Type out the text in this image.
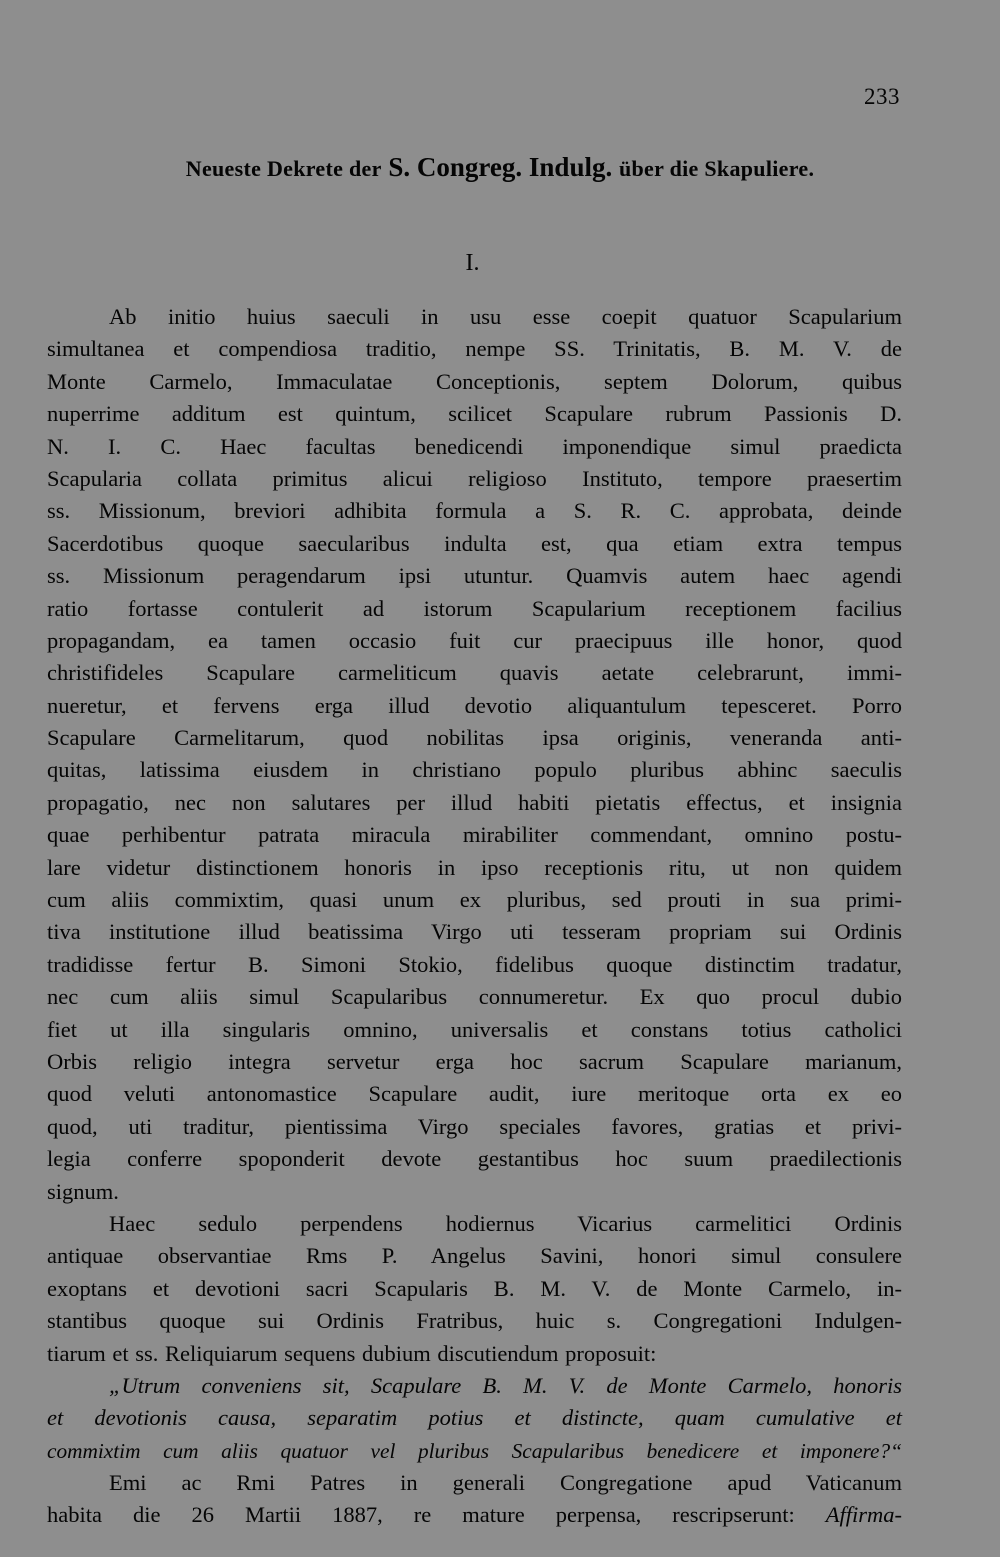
233
Neueste Dekrete der S. Congreg. Indulg. über die Skapuliere.
I.
Ab initio huius saeculi in usu esse coepit quatuor Scapularium
simultanea et compendiosa traditio, nempe SS. Trinitatis, B. M. V. de
Monte Carmelo, Immaculatae Conceptionis, septem Dolorum, quibus
nuperrime additum est quintum, scilicet Scapulare rubrum Passionis D.
N. I. C. Haec facultas benedicendi imponendique simul praedicta
Scapularia collata primitus alicui religioso Instituto, tempore praesertim
ss. Missionum, breviori adhibita formula a S. R. C. approbata, deinde
Sacerdotibus quoque saecularibus indulta est, qua etiam extra tempus
ss. Missionum peragendarum ipsi utuntur. Quamvis autem haec agendi
ratio fortasse contulerit ad istorum Scapularium receptionem facilius
propagandam, ea tamen occasio fuit cur praecipuus ille honor, quod
christifideles Scapulare carmeliticum quavis aetate celebrarunt, immi-
nueretur, et fervens erga illud devotio aliquantulum tepesceret. Porro
Scapulare Carmelitarum, quod nobilitas ipsa originis, veneranda anti-
quitas, latissima eiusdem in christiano populo pluribus abhinc saeculis
propagatio, nec non salutares per illud habiti pietatis effectus, et insignia
quae perhibentur patrata miracula mirabiliter commendant, omnino postu-
lare videtur distinctionem honoris in ipso receptionis ritu, ut non quidem
cum aliis commixtim, quasi unum ex pluribus, sed prouti in sua primi-
tiva institutione illud beatissima Virgo uti tesseram propriam sui Ordinis
tradidisse fertur B. Simoni Stokio, fidelibus quoque distinctim tradatur,
nec cum aliis simul Scapularibus connumeretur. Ex quo procul dubio
fiet ut illa singularis omnino, universalis et constans totius catholici
Orbis religio integra servetur erga hoc sacrum Scapulare marianum,
quod veluti antonomastice Scapulare audit, iure meritoque orta ex eo
quod, uti traditur, pientissima Virgo speciales favores, gratias et privi-
legia conferre spoponderit devote gestantibus hoc suum praedilectionis
signum.
Haec sedulo perpendens hodiernus Vicarius carmelitici Ordinis
antiquae observantiae Rms P. Angelus Savini, honori simul consulere
exoptans et devotioni sacri Scapularis B. M. V. de Monte Carmelo, in-
stantibus quoque sui Ordinis Fratribus, huic s. Congregationi Indulgen-
tiarum et ss. Reliquiarum sequens dubium discutiendum proposuit:
„Utrum conveniens sit, Scapulare B. M. V. de Monte Carmelo, honoris
et devotionis causa, separatim potius et distincte, quam cumulative et
commixtim cum aliis quatuor vel pluribus Scapularibus benedicere et imponere?“
Emi ac Rmi Patres in generali Congregatione apud Vaticanum
habita die 26 Martii 1887, re mature perpensa, rescripserunt: Affirma-
